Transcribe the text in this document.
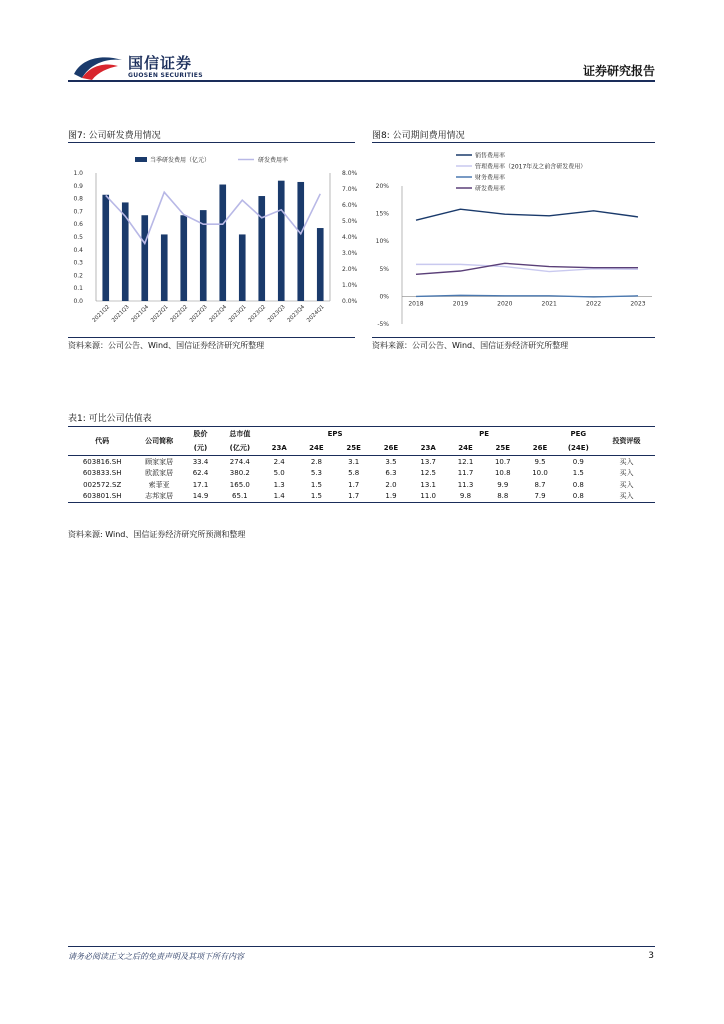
国信证券
GUOSEN SECURITIES	证券研究报告
图7: 公司研发费用情况
当季研发费用（亿元）	研发费用率
1.0
0.9
0.8
0.7
0.6
0.5
0.4
0.3
0.2
0.1
0.0
8.0%
7.0%
6.0%
5.0%
4.0%
3.0%
2.0%
1.0%
0.0%
2021Q2 2021Q3 2021Q4 2022Q1 2022Q2 2022Q3 2022Q4 2023Q1 2023Q2 2023Q3 2023Q4 2024Q1
资料来源：公司公告、Wind、国信证券经济研究所整理
图8: 公司期间费用情况
销售费用率
管理费用率（2017年及之前含研发费用）
财务费用率
研发费用率
20%
15%
10%
5%
0%
-5%
2018	2019	2020	2021	2022	2023
资料来源：公司公告、Wind、国信证券经济研究所整理
表1: 可比公司估值表
代码	公司简称	股价	总市值	EPS				PE				PEG	投资评级
		(元)	(亿元)	23A	24E	25E	26E	23A	24E	25E	26E	(24E)	
603816.SH	顾家家居	33.4	274.4	2.4	2.8	3.1	3.5	13.7	12.1	10.7	9.5	0.9	买入
603833.SH	欧派家居	62.4	380.2	5.0	5.3	5.8	6.3	12.5	11.7	10.8	10.0	1.5	买入
002572.SZ	索菲亚	17.1	165.0	1.3	1.5	1.7	2.0	13.1	11.3	9.9	8.7	0.8	买入
603801.SH	志邦家居	14.9	65.1	1.4	1.5	1.7	1.9	11.0	9.8	8.8	7.9	0.8	买入
资料来源: Wind、国信证券经济研究所预测和整理
请务必阅读正文之后的免责声明及其项下所有内容	3
